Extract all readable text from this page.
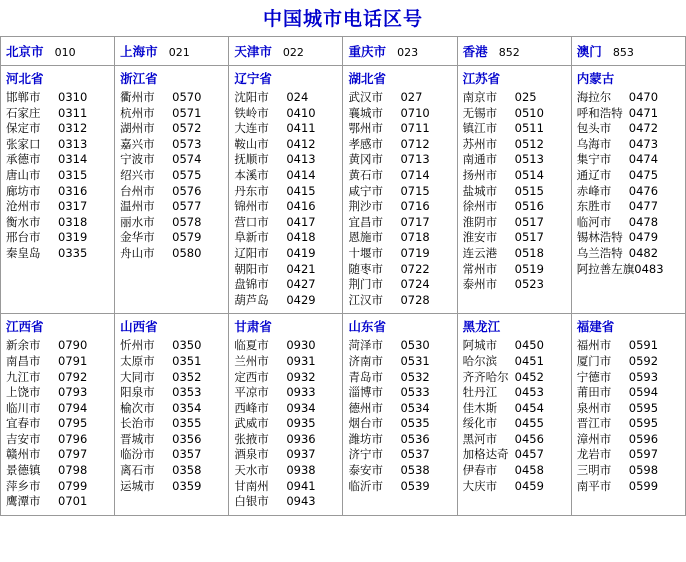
中国城市电话区号
北京市 010	上海市 021	天津市 022	重庆市 023	香港 852	澳门 853

河北省
邯郸市 0310
石家庄 0311
保定市 0312
张家口 0313
承德市 0314
唐山市 0315
廊坊市 0316
沧州市 0317
衡水市 0318
邢台市 0319
秦皇岛 0335

浙江省
衢州市 0570
杭州市 0571
湖州市 0572
嘉兴市 0573
宁波市 0574
绍兴市 0575
台州市 0576
温州市 0577
丽水市 0578
金华市 0579
舟山市 0580

辽宁省
沈阳市 024
铁岭市 0410
大连市 0411
鞍山市 0412
抚顺市 0413
本溪市 0414
丹东市 0415
锦州市 0416
营口市 0417
阜新市 0418
辽阳市 0419
朝阳市 0421
盘锦市 0427
葫芦岛 0429

湖北省
武汉市 027
襄城市 0710
鄂州市 0711
孝感市 0712
黄冈市 0713
黄石市 0714
咸宁市 0715
荆沙市 0716
宜昌市 0717
恩施市 0718
十堰市 0719
随枣市 0722
荆门市 0724
江汉市 0728

江苏省
南京市 025
无锡市 0510
镇江市 0511
苏州市 0512
南通市 0513
扬州市 0514
盐城市 0515
徐州市 0516
淮阴市 0517
淮安市 0517
连云港 0518
常州市 0519
泰州市 0523

内蒙古
海拉尔 0470
呼和浩特 0471
包头市 0472
乌海市 0473
集宁市 0474
通辽市 0475
赤峰市 0476
东胜市 0477
临河市 0478
锡林浩特 0479
乌兰浩特 0482
阿拉善左旗0483

江西省
新余市 0790
南昌市 0791
九江市 0792
上饶市 0793
临川市 0794
宜春市 0795
吉安市 0796
赣州市 0797
景德镇 0798
萍乡市 0799
鹰潭市 0701

山西省
忻州市 0350
太原市 0351
大同市 0352
阳泉市 0353
榆次市 0354
长治市 0355
晋城市 0356
临汾市 0357
离石市 0358
运城市 0359

甘肃省
临夏市 0930
兰州市 0931
定西市 0932
平凉市 0933
西峰市 0934
武威市 0935
张掖市 0936
酒泉市 0937
天水市 0938
甘南州 0941
白银市 0943

山东省
菏泽市 0530
济南市 0531
青岛市 0532
淄博市 0533
德州市 0534
烟台市 0535
潍坊市 0536
济宁市 0537
泰安市 0538
临沂市 0539

黑龙江
阿城市 0450
哈尔滨 0451
齐齐哈尔 0452
牡丹江 0453
佳木斯 0454
绥化市 0455
黑河市 0456
加格达奇 0457
伊春市 0458
大庆市 0459

福建省
福州市 0591
厦门市 0592
宁德市 0593
莆田市 0594
泉州市 0595
晋江市 0595
漳州市 0596
龙岩市 0597
三明市 0598
南平市 0599
